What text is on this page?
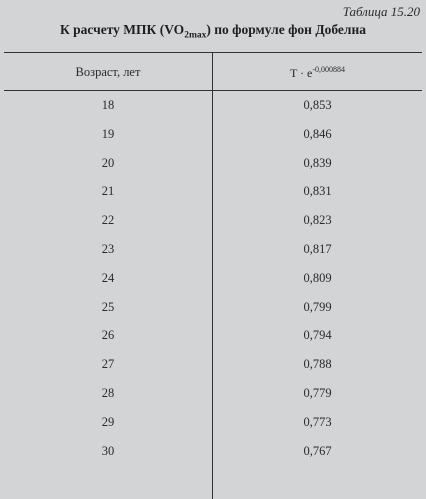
Таблица 15.20
К расчету МПК $(VO_{2max})$ по формуле фон Добелна
Возраст, лет	$T \cdot e^{-0,000884}$
18	0,853
19	0,846
20	0,839
21	0,831
22	0,823
23	0,817
24	0,809
25	0,799
26	0,794
27	0,788
28	0,779
29	0,773
30	0,767
